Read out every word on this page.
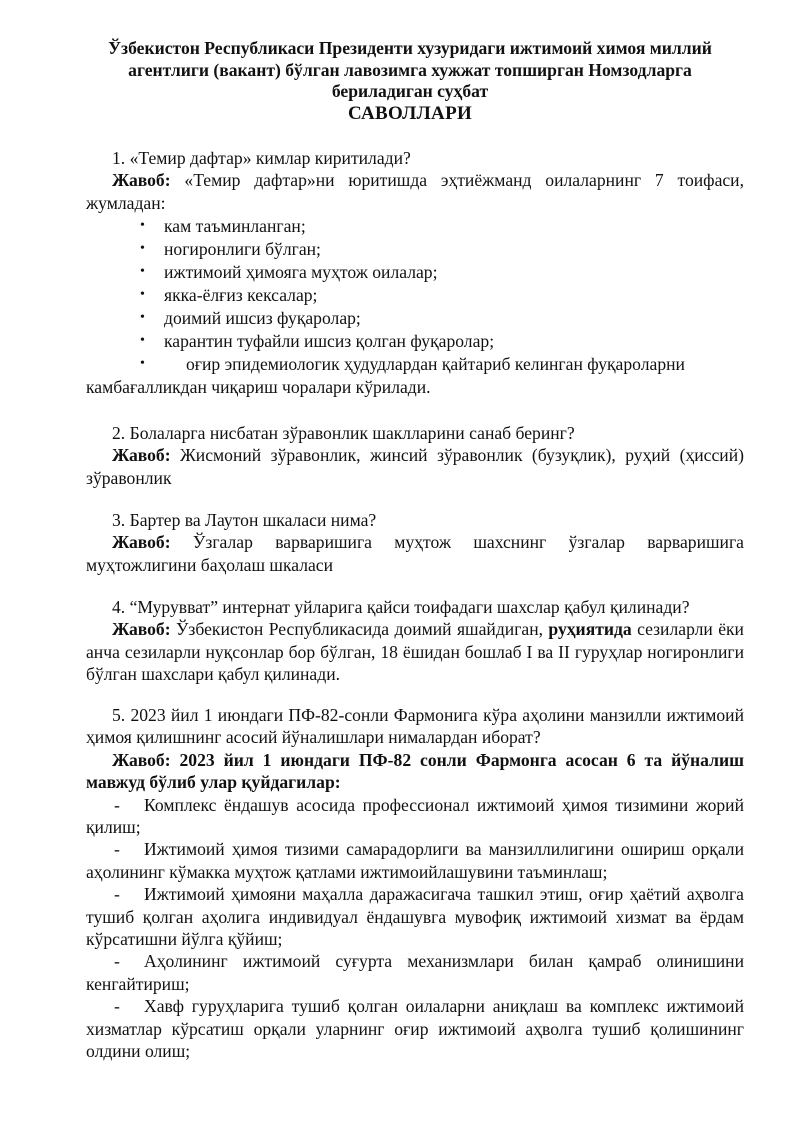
Ўзбекистон Республикаси Президенти хузуридаги ижтимоий химоя миллий
агентлиги (вакант) бўлган лавозимга хужжат топширган Номзодларга
бериладиган суҳбат
САВОЛЛАРИ
1. «Темир дафтар» кимлар киритилади?
Жавоб: «Темир дафтар»ни юритишда эҳтиёжманд оилаларнинг 7 тоифаси, жумладан:
• кам таъминланган;
• ногиронлиги бўлган;
• ижтимоий ҳимояга муҳтож оилалар;
• якка-ёлғиз кексалар;
• доимий ишсиз фуқаролар;
• карантин туфайли ишсиз қолган фуқаролар;
• оғир эпидемиологик ҳудудлардан қайтариб келинган фуқароларни
камбағалликдан чиқариш чоралари кўрилади.
2. Болаларга нисбатан зўравонлик шаклларини санаб беринг?
Жавоб: Жисмоний зўравонлик, жинсий зўравонлик (бузуқлик), руҳий (ҳиссий) зўравонлик
3. Бартер ва Лаутон шкаласи нима?
Жавоб: Ўзгалар варваришига муҳтож шахснинг ўзгалар варваришига муҳтожлигини баҳолаш шкаласи
4. “Мурувват” интернат уйларига қайси тоифадаги шахслар қабул қилинади?
Жавоб: Ўзбекистон Республикасида доимий яшайдиган, руҳиятида сезиларли ёки анча сезиларли нуқсонлар бор бўлган, 18 ёшидан бошлаб I ва II гуруҳлар ногиронлиги бўлган шахслари қабул қилинади.
5. 2023 йил 1 июндаги ПФ-82-сонли Фармонига кўра аҳолини манзилли ижтимоий ҳимоя қилишнинг асосий йўналишлари нималардан иборат?
Жавоб: 2023 йил 1 июндаги ПФ-82 сонли Фармонга асосан 6 та йўналиш мавжуд бўлиб улар қуйдагилар:
- Комплекс ёндашув асосида профессионал ижтимоий ҳимоя тизимини жорий қилиш;
- Ижтимоий ҳимоя тизими самарадорлиги ва манзиллилигини ошириш орқали аҳолининг кўмакка муҳтож қатлами ижтимоийлашувини таъминлаш;
- Ижтимоий ҳимояни маҳалла даражасигача ташкил этиш, оғир ҳаётий аҳволга тушиб қолган аҳолига индивидуал ёндашувга мувофиқ ижтимоий хизмат ва ёрдам кўрсатишни йўлга қўйиш;
- Аҳолининг ижтимоий суғурта механизмлари билан қамраб олинишини кенгайтириш;
- Хавф гуруҳларига тушиб қолган оилаларни аниқлаш ва комплекс ижтимоий хизматлар кўрсатиш орқали уларнинг оғир ижтимоий аҳволга тушиб қолишининг олдини олиш;
